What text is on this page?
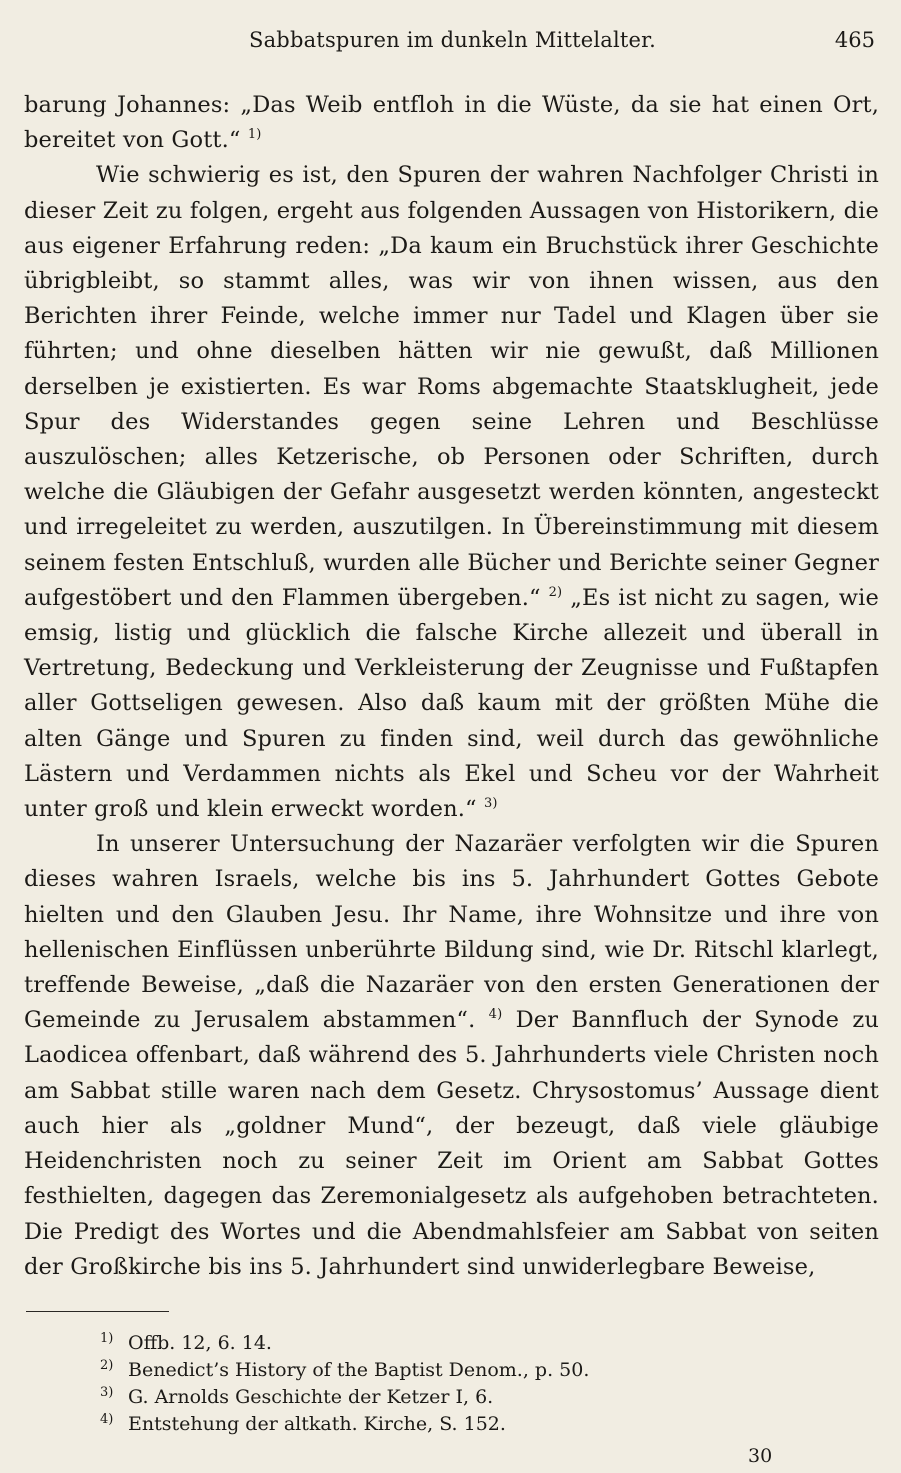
Sabbatspuren im dunkeln Mittelalter.	465

barung Johannes: „Das Weib entfloh in die Wüste, da sie hat einen Ort, bereitet von Gott.“ $^{1)}$

Wie schwierig es ist, den Spuren der wahren Nachfolger Christi in dieser Zeit zu folgen, ergeht aus folgenden Aussagen von Historikern, die aus eigener Erfahrung reden: „Da kaum ein Bruchstück ihrer Geschichte übrigbleibt, so stammt alles, was wir von ihnen wissen, aus den Berichten ihrer Feinde, welche immer nur Tadel und Klagen über sie führten; und ohne dieselben hätten wir nie gewußt, daß Millionen derselben je existierten. Es war Roms abgemachte Staatsklugheit, jede Spur des Widerstandes gegen seine Lehren und Beschlüsse auszulöschen; alles Ketzerische, ob Personen oder Schriften, durch welche die Gläubigen der Gefahr ausgesetzt werden könnten, angesteckt und irregeleitet zu werden, auszutilgen. In Übereinstimmung mit diesem seinem festen Entschluß, wurden alle Bücher und Berichte seiner Gegner aufgestöbert und den Flammen übergeben.“ $^{2)}$ „Es ist nicht zu sagen, wie emsig, listig und glücklich die falsche Kirche allezeit und überall in Vertretung, Bedeckung und Verkleisterung der Zeugnisse und Fußtapfen aller Gottseligen gewesen. Also daß kaum mit der größten Mühe die alten Gänge und Spuren zu finden sind, weil durch das gewöhnliche Lästern und Verdammen nichts als Ekel und Scheu vor der Wahrheit unter groß und klein erweckt worden.“ $^{3)}$

In unserer Untersuchung der Nazaräer verfolgten wir die Spuren dieses wahren Israels, welche bis ins 5. Jahrhundert Gottes Gebote hielten und den Glauben Jesu. Ihr Name, ihre Wohnsitze und ihre von hellenischen Einflüssen unberührte Bildung sind, wie Dr. Ritschl klarlegt, treffende Beweise, „daß die Nazaräer von den ersten Generationen der Gemeinde zu Jerusalem abstammen“. $^{4)}$ Der Bannfluch der Synode zu Laodicea offenbart, daß während des 5. Jahrhunderts viele Christen noch am Sabbat stille waren nach dem Gesetz. Chrysostomus’ Aussage dient auch hier als „goldner Mund“, der bezeugt, daß viele gläubige Heidenchristen noch zu seiner Zeit im Orient am Sabbat Gottes festhielten, dagegen das Zeremonialgesetz als aufgehoben betrachteten. Die Predigt des Wortes und die Abendmahlsfeier am Sabbat von seiten der Großkirche bis ins 5. Jahrhundert sind unwiderlegbare Beweise,

1) Offb. 12, 6. 14.

2) Benedict’s History of the Baptist Denom., p. 50.

3) G. Arnolds Geschichte der Ketzer I, 6.

4) Entstehung der altkath. Kirche, S. 152.

30
